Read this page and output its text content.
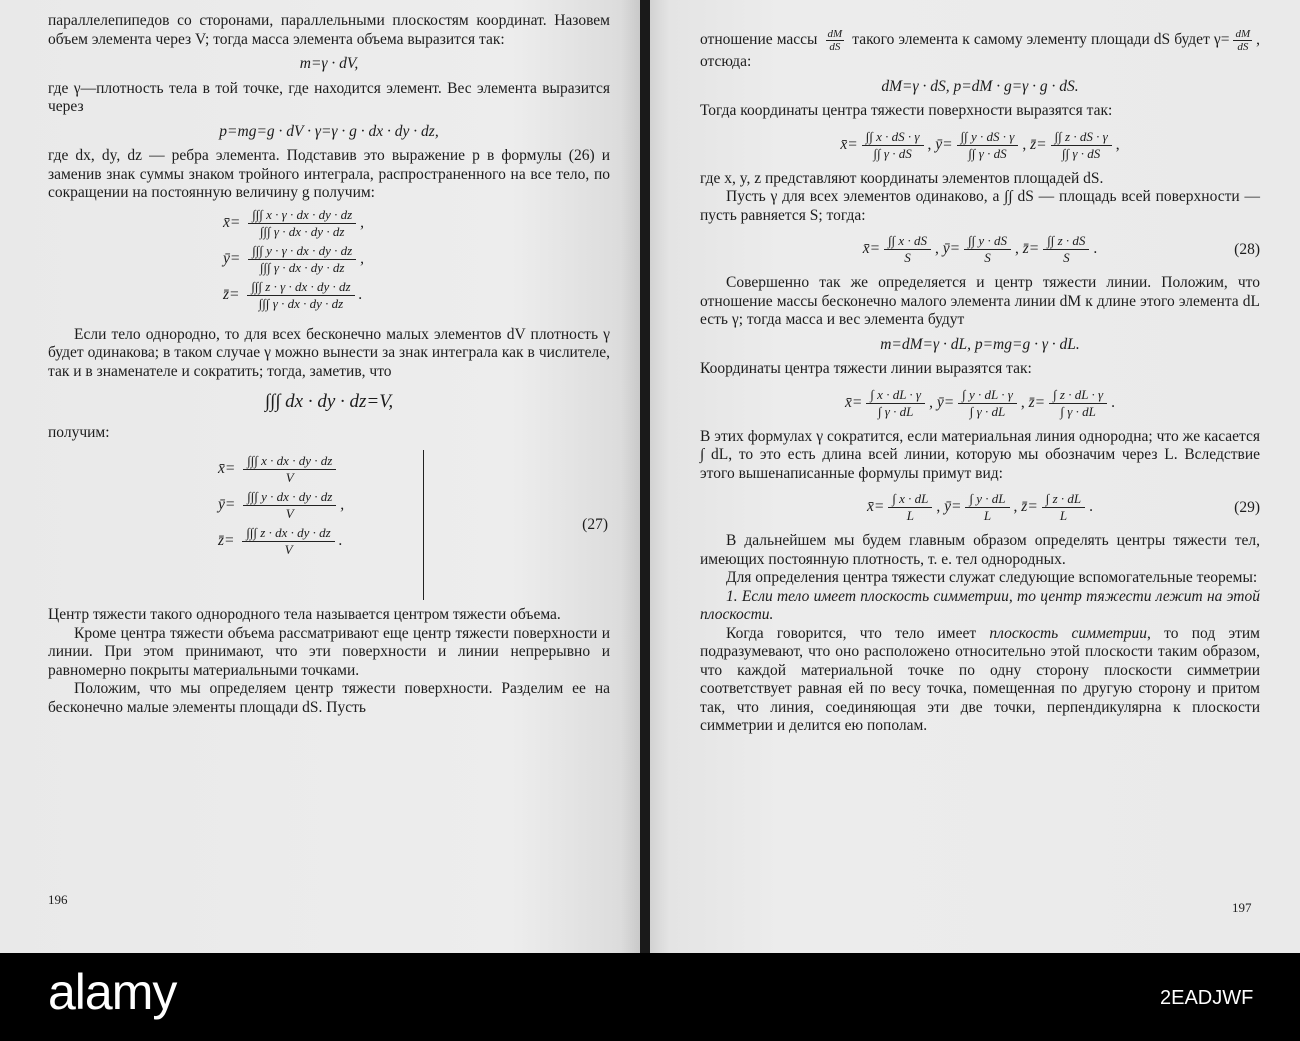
параллелепипедов со сторонами, параллельными плоскостям координат. Назовем объем элемента через V; тогда масса элемента объема выразится так:

m=γ · dV,

где γ—плотность тела в той точке, где находится элемент. Вес элемента выразится через

p=mg=g · dV · γ=γ · g · dx · dy · dz,

где dx, dy, dz — ребра элемента. Подставив это выражение p в формулы (26) и заменив знак суммы знаком тройного интеграла, распространенного на все тело, по сокращении на постоянную величину g получим:

x̄= $\frac{\int\int\int x \cdot \gamma \cdot dx \cdot dy \cdot dz}{\int\int\int \gamma \cdot dx \cdot dy \cdot dz}$ ,
ȳ= $\frac{\int\int\int y \cdot \gamma \cdot dx \cdot dy \cdot dz}{\int\int\int \gamma \cdot dx \cdot dy \cdot dz}$ ,
z̄= $\frac{\int\int\int z \cdot \gamma \cdot dx \cdot dy \cdot dz}{\int\int\int \gamma \cdot dx \cdot dy \cdot dz}$ .

Если тело однородно, то для всех бесконечно малых элементов dV плотность γ будет одинакова; в таком случае γ можно вынести за знак интеграла как в числителе, так и в знаменателе и сократить; тогда, заметив, что

∫∫∫ dx · dy · dz=V,

получим:

x̄= $\frac{\int\int\int x \cdot dx \cdot dy \cdot dz}{V}$
ȳ= $\frac{\int\int\int y \cdot dx \cdot dy \cdot dz}{V}$ ,
z̄= $\frac{\int\int\int z \cdot dx \cdot dy \cdot dz}{V}$ .
(27)

Центр тяжести такого однородного тела называется центром тяжести объема.

Кроме центра тяжести объема рассматривают еще центр тяжести поверхности и линии. При этом принимают, что эти поверхности и линии непрерывно и равномерно покрыты материальными точками.

Положим, что мы определяем центр тяжести поверхности. Разделим ее на бесконечно малые элементы площади dS. Пусть

196

отношение массы $\frac{dM}{dS}$ такого элемента к самому элементу площади dS будет $\gamma= \frac{dM}{dS}$ , отсюда:

dM=γ · dS, p=dM · g=γ · g · dS.

Тогда координаты центра тяжести поверхности выразятся так:

x̄= $\frac{\int\int x \cdot dS \cdot \gamma}{\int\int \gamma \cdot dS}$ , ȳ= $\frac{\int\int y \cdot dS \cdot \gamma}{\int\int \gamma \cdot dS}$ , z̄= $\frac{\int\int z \cdot dS \cdot \gamma}{\int\int \gamma \cdot dS}$ ,

где x, y, z представляют координаты элементов площадей dS.

Пусть γ для всех элементов одинаково, а ∫∫ dS — площадь всей поверхности — пусть равняется S; тогда:

x̄= $\frac{\int\int x \cdot dS}{S}$ , ȳ= $\frac{\int\int y \cdot dS}{S}$ , z̄= $\frac{\int\int z \cdot dS}{S}$ .	(28)

Совершенно так же определяется и центр тяжести линии. Положим, что отношение массы бесконечно малого элемента линии dM к длине этого элемента dL есть γ; тогда масса и вес элемента будут

m=dM=γ · dL, p=mg=g · γ · dL.

Координаты центра тяжести линии выразятся так:

x̄= $\frac{\int x \cdot dL \cdot \gamma}{\int \gamma \cdot dL}$ , ȳ= $\frac{\int y \cdot dL \cdot \gamma}{\int \gamma \cdot dL}$ , z̄= $\frac{\int z \cdot dL \cdot \gamma}{\int \gamma \cdot dL}$ .

В этих формулах γ сократится, если материальная линия однородна; что же касается ∫ dL, то это есть длина всей линии, которую мы обозначим через L. Вследствие этого вышенаписанные формулы примут вид:

x̄= $\frac{\int x \cdot dL}{L}$ , ȳ= $\frac{\int y \cdot dL}{L}$ , z̄= $\frac{\int z \cdot dL}{L}$ .	(29)

В дальнейшем мы будем главным образом определять центры тяжести тел, имеющих постоянную плотность, т. е. тел однородных.

Для определения центра тяжести служат следующие вспомогательные теоремы:

1. Если тело имеет плоскость симметрии, то центр тяжести лежит на этой плоскости.

Когда говорится, что тело имеет плоскость симметрии, то под этим подразумевают, что оно расположено относительно этой плоскости таким образом, что каждой материальной точке по одну сторону плоскости симметрии соответствует равная ей по весу точка, помещенная по другую сторону и притом так, что линия, соединяющая эти две точки, перпендикулярна к плоскости симметрии и делится ею пополам.

197
alamy	2EADJWF
